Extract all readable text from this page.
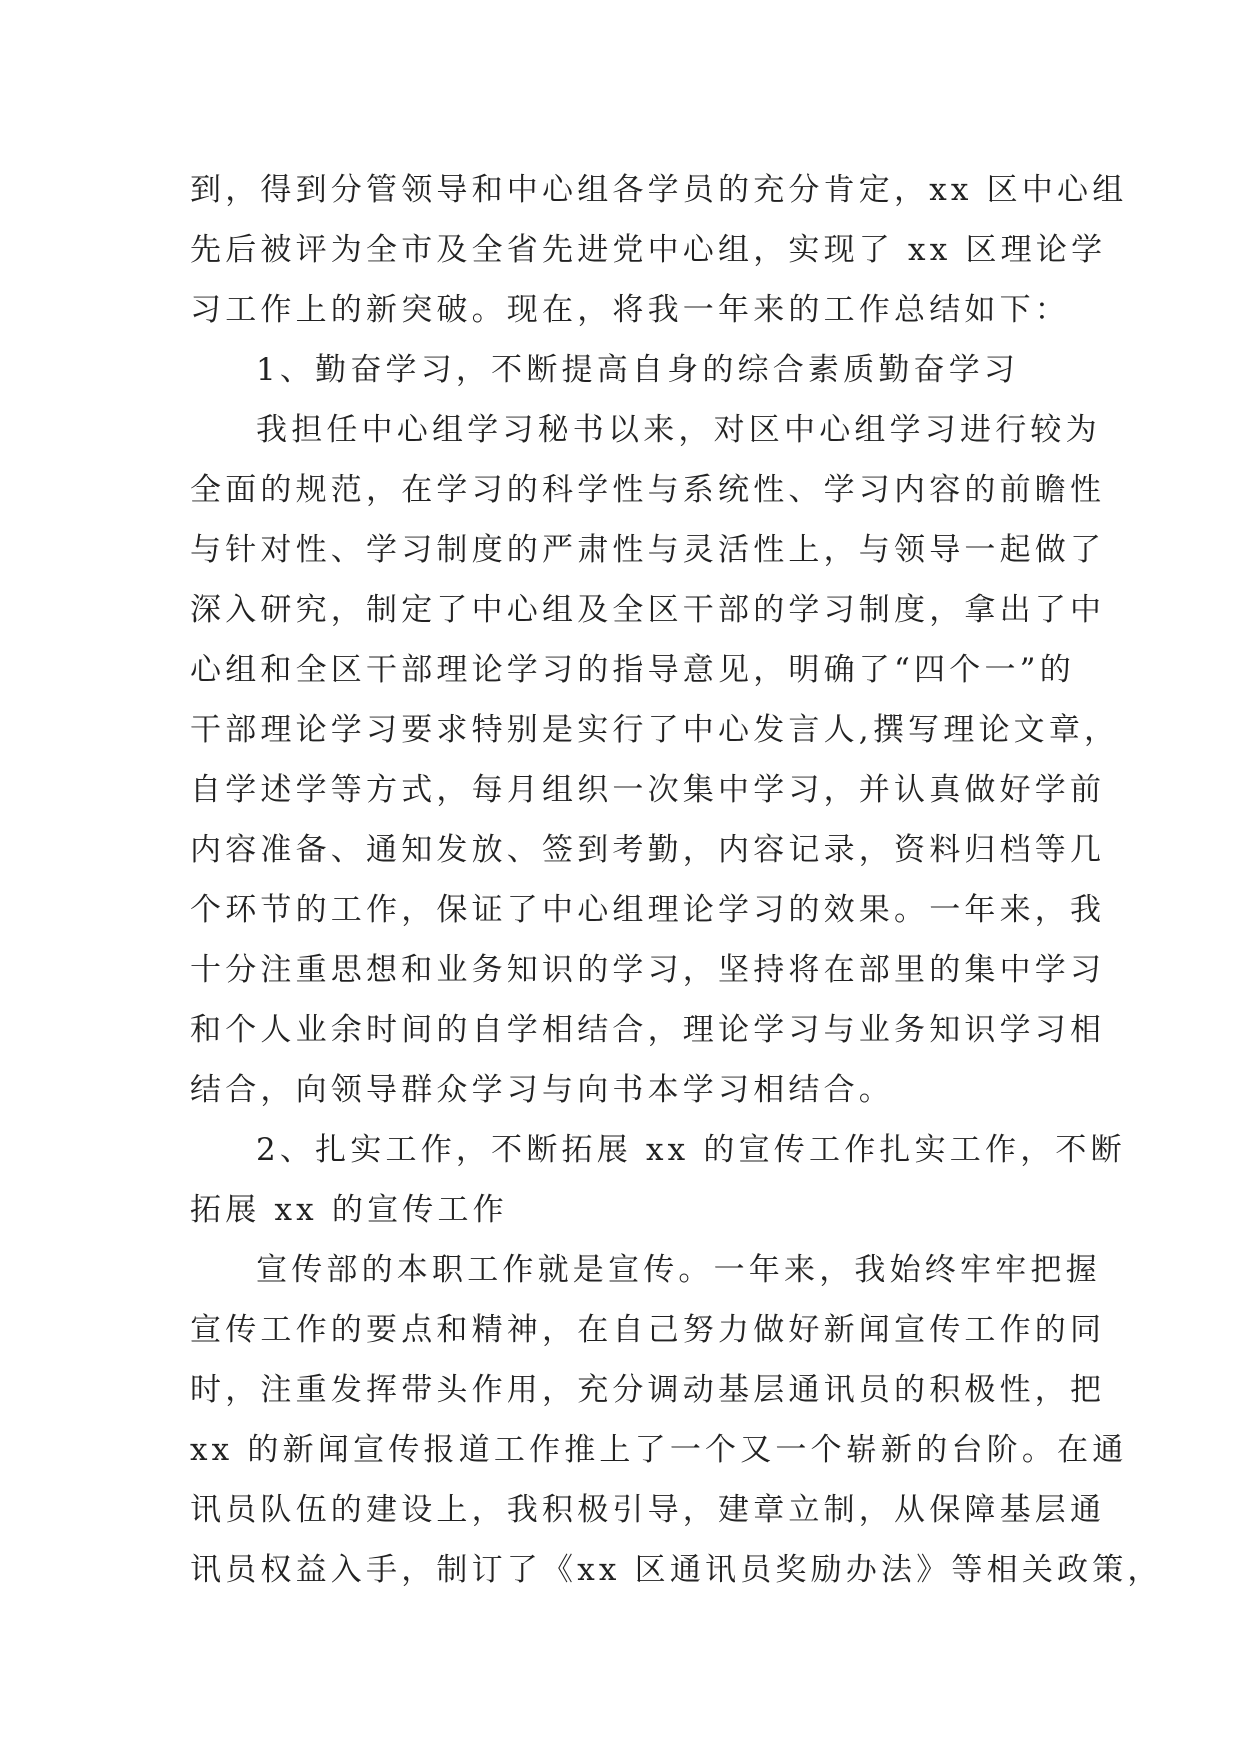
到，得到分管领导和中心组各学员的充分肯定，xx 区中心组
先后被评为全市及全省先进党中心组，实现了 xx 区理论学
习工作上的新突破。现在，将我一年来的工作总结如下：
1、勤奋学习，不断提高自身的综合素质勤奋学习
我担任中心组学习秘书以来，对区中心组学习进行较为
全面的规范，在学习的科学性与系统性、学习内容的前瞻性
与针对性、学习制度的严肃性与灵活性上，与领导一起做了
深入研究，制定了中心组及全区干部的学习制度，拿出了中
心组和全区干部理论学习的指导意见，明确了“四个一”的
干部理论学习要求特别是实行了中心发言人,撰写理论文章，
自学述学等方式，每月组织一次集中学习，并认真做好学前
内容准备、通知发放、签到考勤，内容记录，资料归档等几
个环节的工作，保证了中心组理论学习的效果。一年来，我
十分注重思想和业务知识的学习，坚持将在部里的集中学习
和个人业余时间的自学相结合，理论学习与业务知识学习相
结合，向领导群众学习与向书本学习相结合。
2、扎实工作，不断拓展 xx 的宣传工作扎实工作，不断
拓展 xx 的宣传工作
宣传部的本职工作就是宣传。一年来，我始终牢牢把握
宣传工作的要点和精神，在自己努力做好新闻宣传工作的同
时，注重发挥带头作用，充分调动基层通讯员的积极性，把
xx 的新闻宣传报道工作推上了一个又一个崭新的台阶。在通
讯员队伍的建设上，我积极引导，建章立制，从保障基层通
讯员权益入手，制订了《xx 区通讯员奖励办法》等相关政策，
